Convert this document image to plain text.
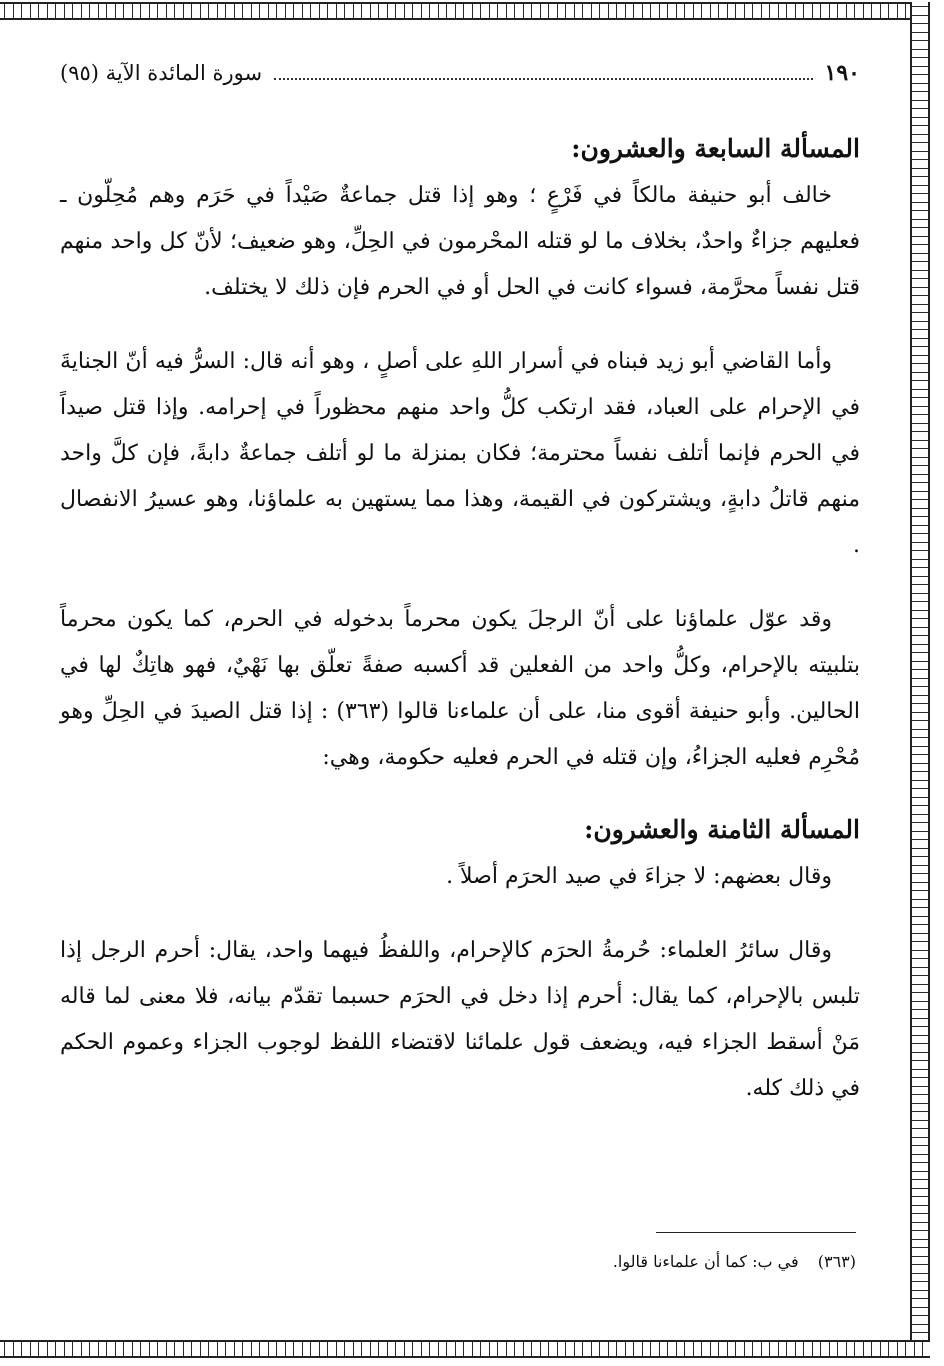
١٩٠
سورة المائدة الآية (٩٥)
المسألة السابعة والعشرون:

خالف أبو حنيفة مالكاً في فَرْعٍ ؛ وهو إذا قتل جماعةٌ صَيْداً في حَرَم وهم مُحِلّون ـ فعليهم جزاءٌ واحدٌ، بخلاف ما لو قتله المحْرمون في الحِلِّ، وهو ضعيف؛ لأنّ كل واحد منهم قتل نفساً محرَّمة، فسواء كانت في الحل أو في الحرم فإن ذلك لا يختلف.

وأما القاضي أبو زيد فبناه في أسرار اللهِ على أصلٍ ، وهو أنه قال: السرُّ فيه أنّ الجنايةَ في الإحرام على العباد، فقد ارتكب كلُّ واحد منهم محظوراً في إحرامه. وإذا قتل صيداً في الحرم فإنما أتلف نفساً محترمة؛ فكان بمنزلة ما لو أتلف جماعةٌ دابةً، فإن كلَّ واحد منهم قاتلُ دابةٍ، ويشتركون في القيمة، وهذا مما يستهين به علماؤنا، وهو عسيرُ الانفصال .

وقد عوّل علماؤنا على أنّ الرجلَ يكون محرماً بدخوله في الحرم، كما يكون محرماً بتلبيته بالإحرام، وكلُّ واحد من الفعلين قد أكسبه صفةً تعلّق بها نَهْيٌ، فهو هاتِكٌ لها في الحالين. وأبو حنيفة أقوى منا، على أن علماءنا قالوا (٣٦٣) : إذا قتل الصيدَ في الحِلِّ وهو مُحْرِم فعليه الجزاءُ، وإن قتله في الحرم فعليه حكومة، وهي:

المسألة الثامنة والعشرون:

وقال بعضهم: لا جزاءَ في صيد الحرَم أصلاً .

وقال سائرُ العلماء: حُرمةُ الحرَم كالإحرام، واللفظُ فيهما واحد، يقال: أحرم الرجل إذا تلبس بالإحرام، كما يقال: أحرم إذا دخل في الحرَم حسبما تقدّم بيانه، فلا معنى لما قاله مَنْ أسقط الجزاء فيه، ويضعف قول علمائنا لاقتضاء اللفظ لوجوب الجزاء وعموم الحكم في ذلك كله.

(٣٦٣) في ب: كما أن علماءنا قالوا.
